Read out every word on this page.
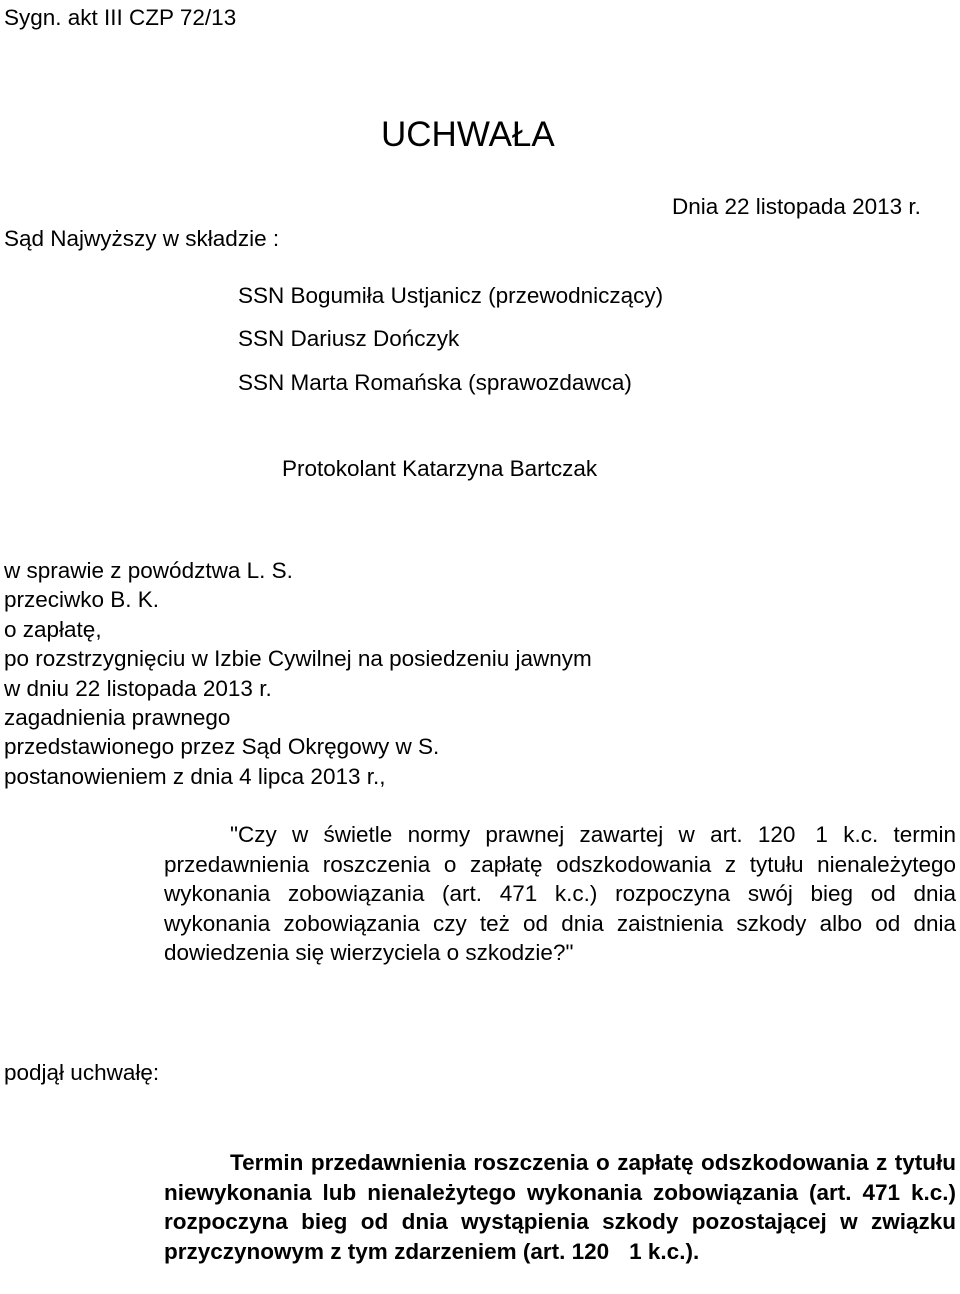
Sygn. akt III CZP 72/13
UCHWAŁA
Dnia 22 listopada 2013 r.
Sąd Najwyższy w składzie :
SSN Bogumiła Ustjanicz (przewodniczący)
SSN Dariusz Dończyk
SSN Marta Romańska (sprawozdawca)
Protokolant Katarzyna Bartczak
w sprawie z powództwa L. S.
przeciwko B. K.
o zapłatę,
po rozstrzygnięciu w Izbie Cywilnej na posiedzeniu jawnym
w dniu 22 listopada 2013 r.
zagadnienia prawnego
przedstawionego przez Sąd Okręgowy w S.
postanowieniem z dnia 4 lipca 2013 r.,

"Czy w świetle normy prawnej zawartej w art. 120 1 k.c. termin przedawnienia roszczenia o zapłatę odszkodowania z tytułu nienależytego wykonania zobowiązania (art. 471 k.c.) rozpoczyna swój bieg od dnia wykonania zobowiązania czy też od dnia zaistnienia szkody albo od dnia dowiedzenia się wierzyciela o szkodzie?"

podjął uchwałę:

Termin przedawnienia roszczenia o zapłatę odszkodowania z tytułu niewykonania lub nienależytego wykonania zobowiązania (art. 471 k.c.) rozpoczyna bieg od dnia wystąpienia szkody pozostającej w związku przyczynowym z tym zdarzeniem (art. 120 1 k.c.).
